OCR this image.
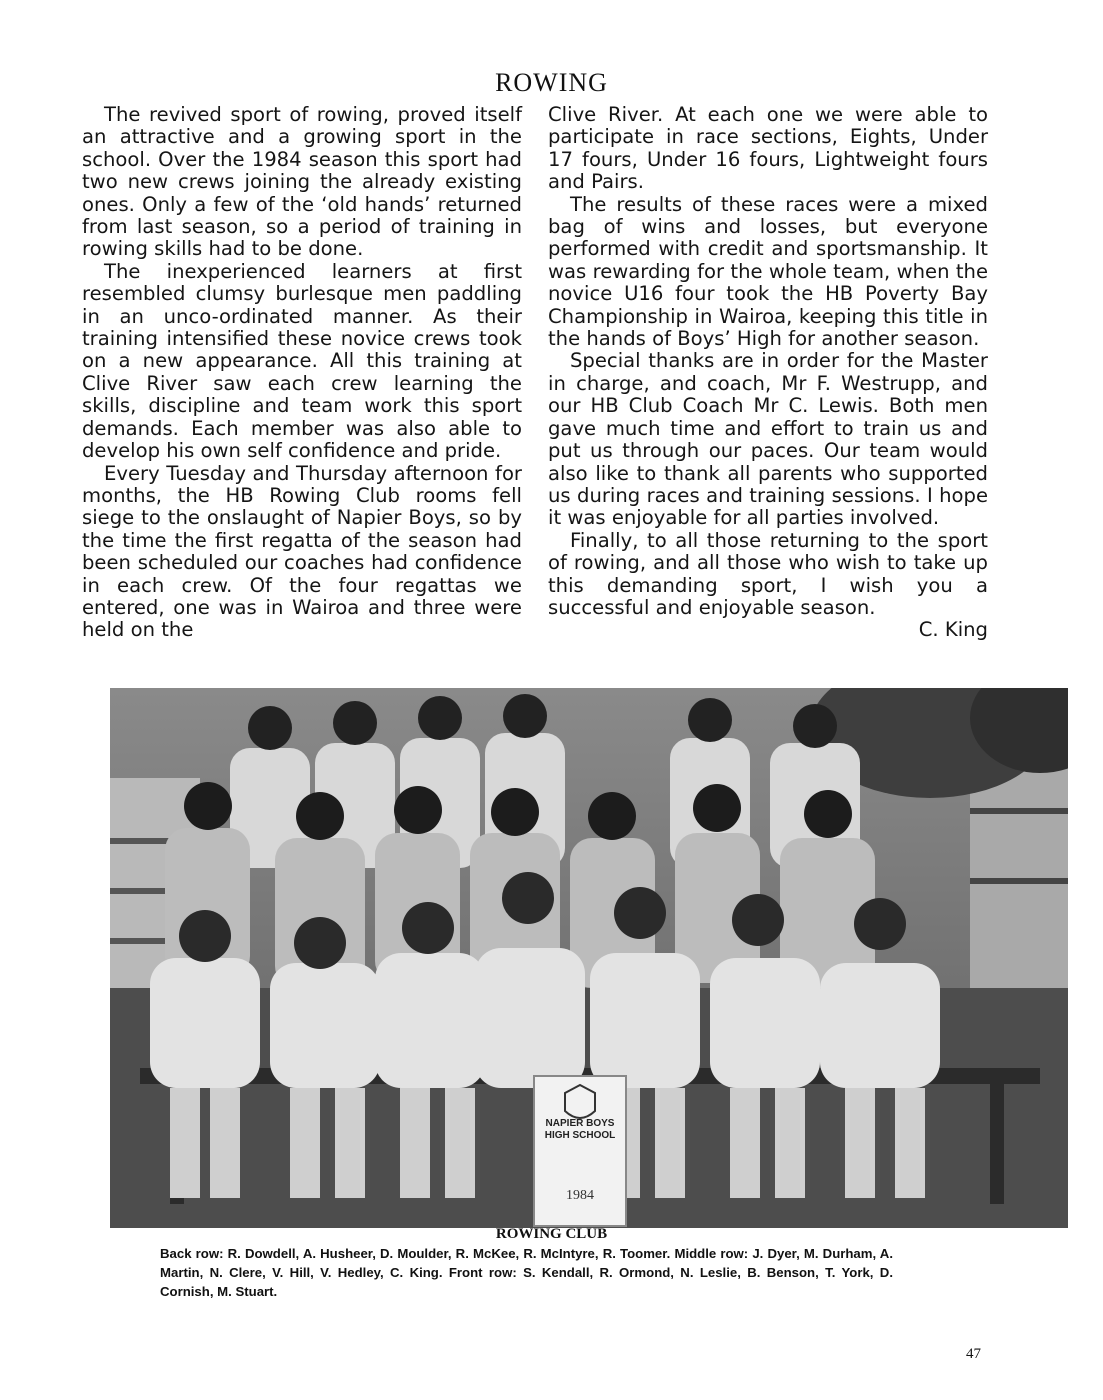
ROWING

The revived sport of rowing, proved itself an attractive and a growing sport in the school. Over the 1984 season this sport had two new crews joining the already existing ones. Only a few of the ‘old hands’ returned from last season, so a period of training in rowing skills had to be done.

The inexperienced learners at first resembled clumsy burlesque men paddling in an unco-ordinated manner. As their training intensified these novice crews took on a new appearance. All this training at Clive River saw each crew learning the skills, discipline and team work this sport demands. Each member was also able to develop his own self confidence and pride.

Every Tuesday and Thursday afternoon for months, the HB Rowing Club rooms fell siege to the onslaught of Napier Boys, so by the time the first regatta of the season had been scheduled our coaches had confidence in each crew. Of the four regattas we entered, one was in Wairoa and three were held on the

Clive River. At each one we were able to participate in race sections, Eights, Under 17 fours, Under 16 fours, Lightweight fours and Pairs.

The results of these races were a mixed bag of wins and losses, but everyone performed with credit and sportsmanship. It was rewarding for the whole team, when the novice U16 four took the HB Poverty Bay Championship in Wairoa, keeping this title in the hands of Boys’ High for another season.

Special thanks are in order for the Master in charge, and coach, Mr F. Westrupp, and our HB Club Coach Mr C. Lewis. Both men gave much time and effort to train us and put us through our paces. Our team would also like to thank all parents who supported us during races and training sessions. I hope it was enjoyable for all parties involved.

Finally, to all those returning to the sport of rowing, and all those who wish to take up this demanding sport, I wish you a successful and enjoyable season.

C. King

NAPIER BOYS HIGH SCHOOL
1984
ROWING CLUB
Back row: R. Dowdell, A. Husheer, D. Moulder, R. McKee, R. McIntyre, R. Toomer. Middle row: J. Dyer, M. Durham, A. Martin, N. Clere, V. Hill, V. Hedley, C. King. Front row: S. Kendall, R. Ormond, N. Leslie, B. Benson, T. York, D. Cornish, M. Stuart.
47
